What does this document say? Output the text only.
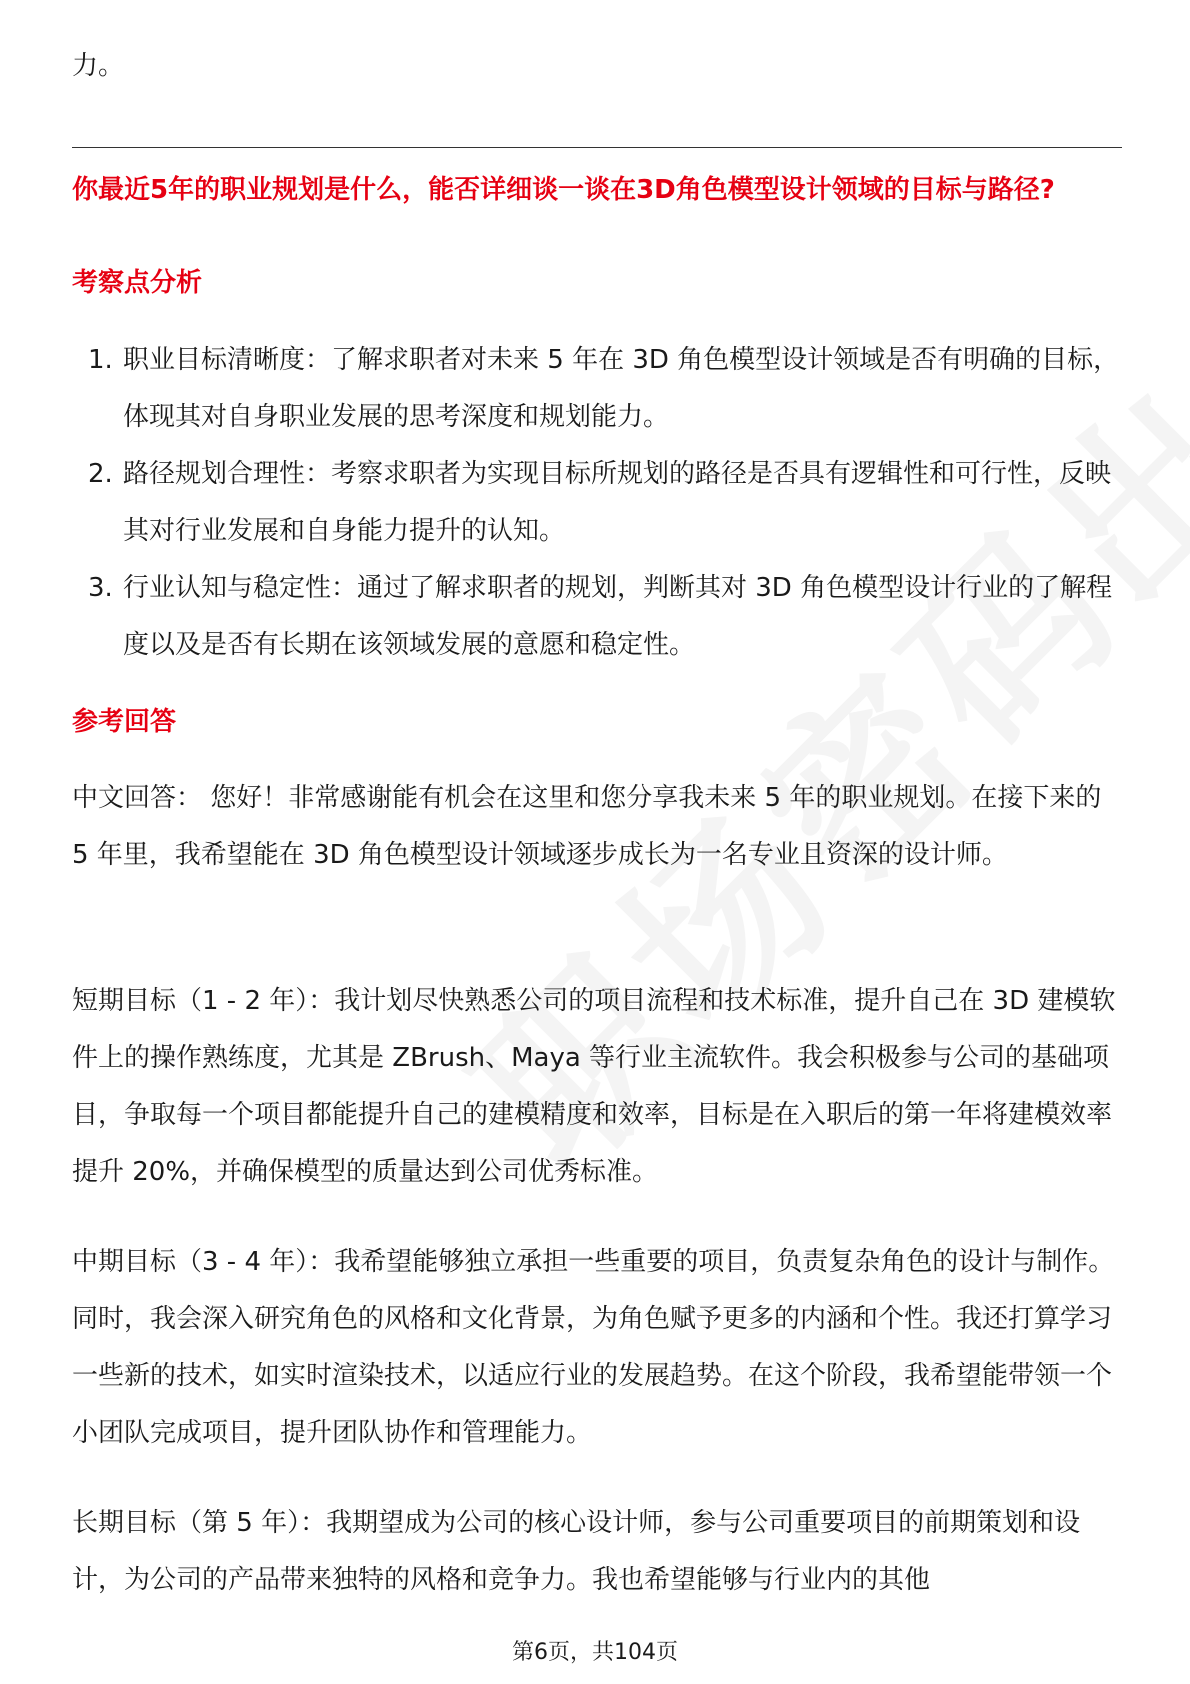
力。
你最近5年的职业规划是什么，能否详细谈一谈在3D角色模型设计领域的目标与路径?
考察点分析
1. 职业目标清晰度：了解求职者对未来 5 年在 3D 角色模型设计领域是否有明确的目标，体现其对自身职业发展的思考深度和规划能力。
2. 路径规划合理性：考察求职者为实现目标所规划的路径是否具有逻辑性和可行性，反映其对行业发展和自身能力提升的认知。
3. 行业认知与稳定性：通过了解求职者的规划，判断其对 3D 角色模型设计行业的了解程度以及是否有长期在该领域发展的意愿和稳定性。
参考回答
中文回答： 您好！非常感谢能有机会在这里和您分享我未来 5 年的职业规划。在接下来的 5 年里，我希望能在 3D 角色模型设计领域逐步成长为一名专业且资深的设计师。
短期目标（1 - 2 年）：我计划尽快熟悉公司的项目流程和技术标准，提升自己在 3D 建模软件上的操作熟练度，尤其是 ZBrush、Maya 等行业主流软件。我会积极参与公司的基础项目，争取每一个项目都能提升自己的建模精度和效率，目标是在入职后的第一年将建模效率提升 20%，并确保模型的质量达到公司优秀标准。
中期目标（3 - 4 年）：我希望能够独立承担一些重要的项目，负责复杂角色的设计与制作。同时，我会深入研究角色的风格和文化背景，为角色赋予更多的内涵和个性。我还打算学习一些新的技术，如实时渲染技术，以适应行业的发展趋势。在这个阶段，我希望能带领一个小团队完成项目，提升团队协作和管理能力。
长期目标（第 5 年）：我期望成为公司的核心设计师，参与公司重要项目的前期策划和设计，为公司的产品带来独特的风格和竞争力。我也希望能够与行业内的其他
第6页，共104页
